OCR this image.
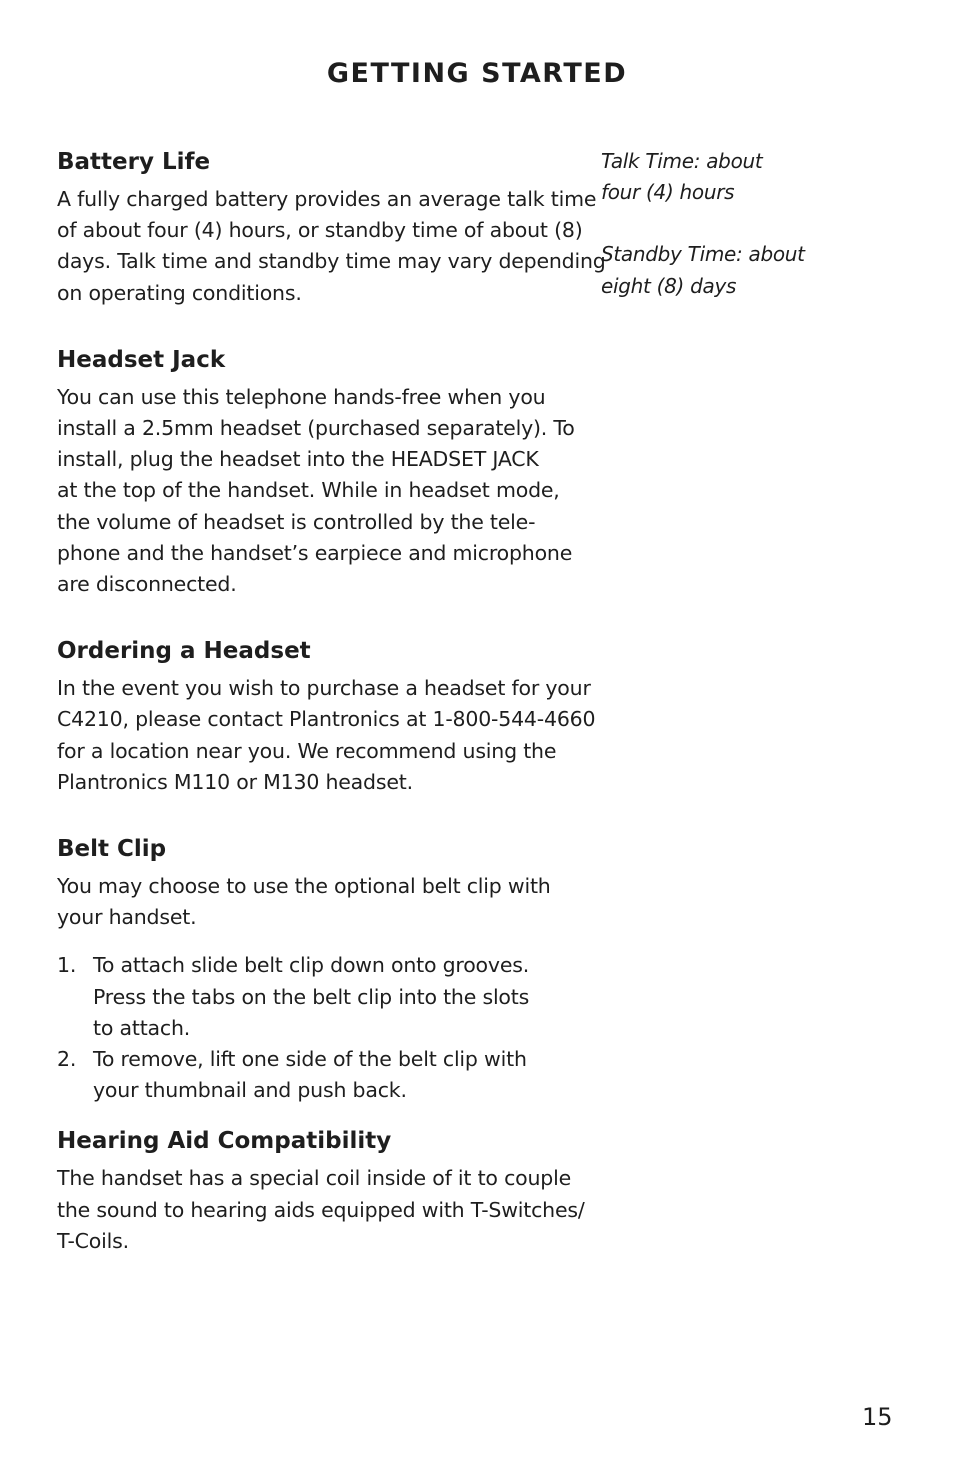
GETTING STARTED
Battery Life

A fully charged battery provides an average talk time
of about four (4) hours, or standby time of about (8)
days. Talk time and standby time may vary depending
on operating conditions.

Headset Jack

You can use this telephone hands-free when you
install a 2.5mm headset (purchased separately). To
install, plug the headset into the HEADSET JACK
at the top of the handset. While in headset mode,
the volume of headset is controlled by the tele-
phone and the handset’s earpiece and microphone
are disconnected.

Ordering a Headset

In the event you wish to purchase a headset for your
C4210, please contact Plantronics at 1-800-544-4660
for a location near you. We recommend using the
Plantronics M110 or M130 headset.

Belt Clip

You may choose to use the optional belt clip with
your handset.

1. To attach slide belt clip down onto grooves.
Press the tabs on the belt clip into the slots
to attach.
2. To remove, lift one side of the belt clip with
your thumbnail and push back.
Hearing Aid Compatibility

The handset has a special coil inside of it to couple
the sound to hearing aids equipped with T-Switches/
T-Coils.

Talk Time: about
four (4) hours
Standby Time: about
eight (8) days
15
